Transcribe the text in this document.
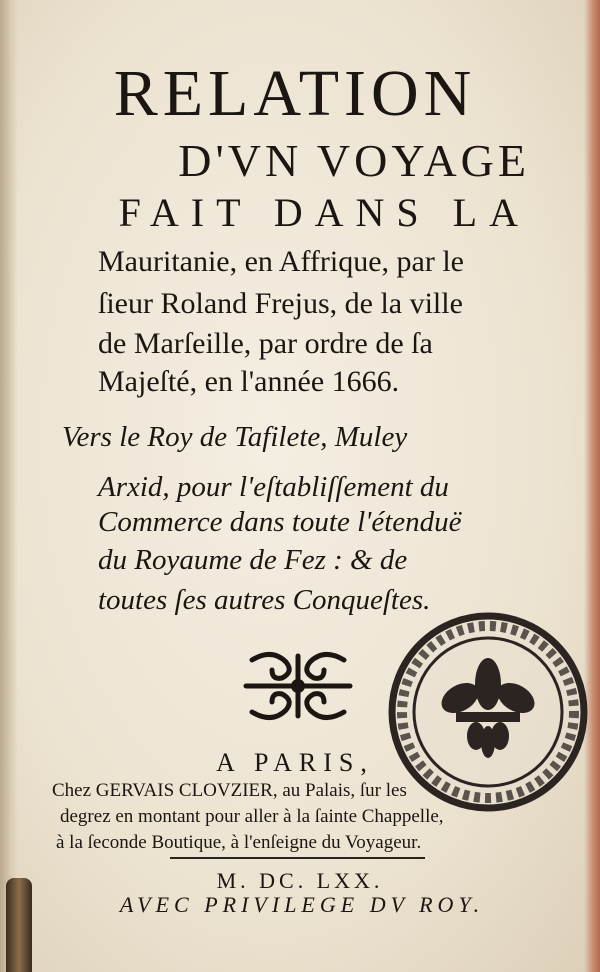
RELATION
D'VN VOYAGE
FAIT DANS LA
Mauritanie, en Affrique, par le
ſieur Roland Frejus, de la ville
de Marſeille, par ordre de ſa
Majeſté, en l'année 1666.
Vers le Roy de Tafilete, Muley
Arxid, pour l'eſtabliſſement du
Commerce dans toute l'étenduë
du Royaume de Fez : & de
toutes ſes autres Conqueſtes.
A PARIS,
Chez GERVAIS CLOVZIER, au Palais, ſur les
degrez en montant pour aller à la ſainte Chappelle,
à la ſeconde Boutique, à l'enſeigne du Voyageur.
M. DC. LXX.
AVEC PRIVILEGE DV ROY.
